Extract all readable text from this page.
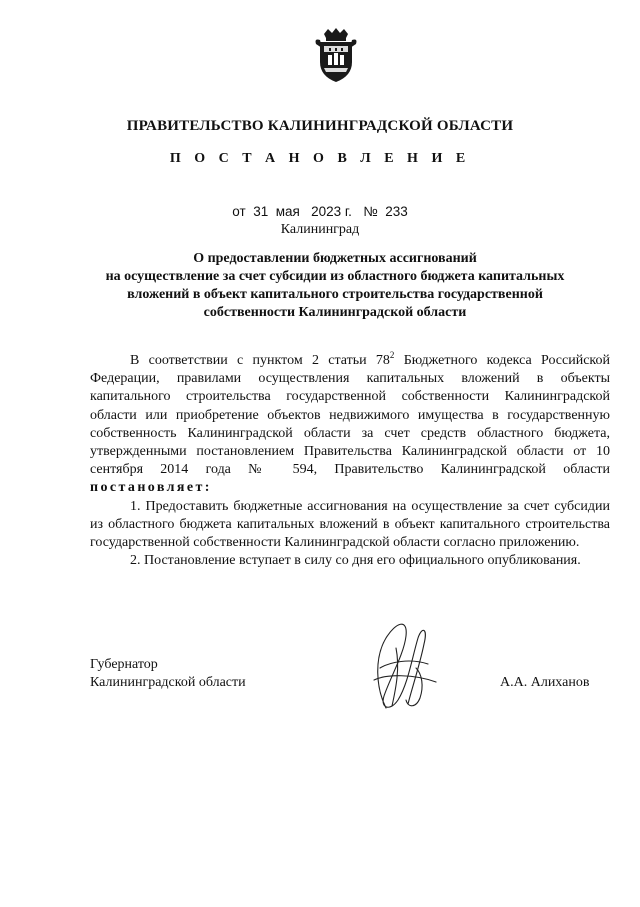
ПРАВИТЕЛЬСТВО КАЛИНИНГРАДСКОЙ ОБЛАСТИ
П О С Т А Н О В Л Е Н И Е
от 31 мая 2023 г. № 233
Калининград
О предоставлении бюджетных ассигнований
на осуществление за счет субсидии из областного бюджета капитальных
вложений в объект капитального строительства государственной
собственности Калининградской области

В соответствии с пунктом 2 статьи $78^2$ Бюджетного кодекса Российской Федерации, правилами осуществления капитальных вложений в объекты капитального строительства государственной собственности Калининградской области или приобретение объектов недвижимого имущества в государственную собственность Калининградской области за счет средств областного бюджета, утвержденными постановлением Правительства Калининградской области от 10 сентября 2014 года № 594, Правительство Калининградской области постановляет:

1. Предоставить бюджетные ассигнования на осуществление за счет субсидии из областного бюджета капитальных вложений в объект капитального строительства государственной собственности Калининградской области согласно приложению.

2. Постановление вступает в силу со дня его официального опубликования.

Губернатор
Калининградской области	А.А. Алиханов
